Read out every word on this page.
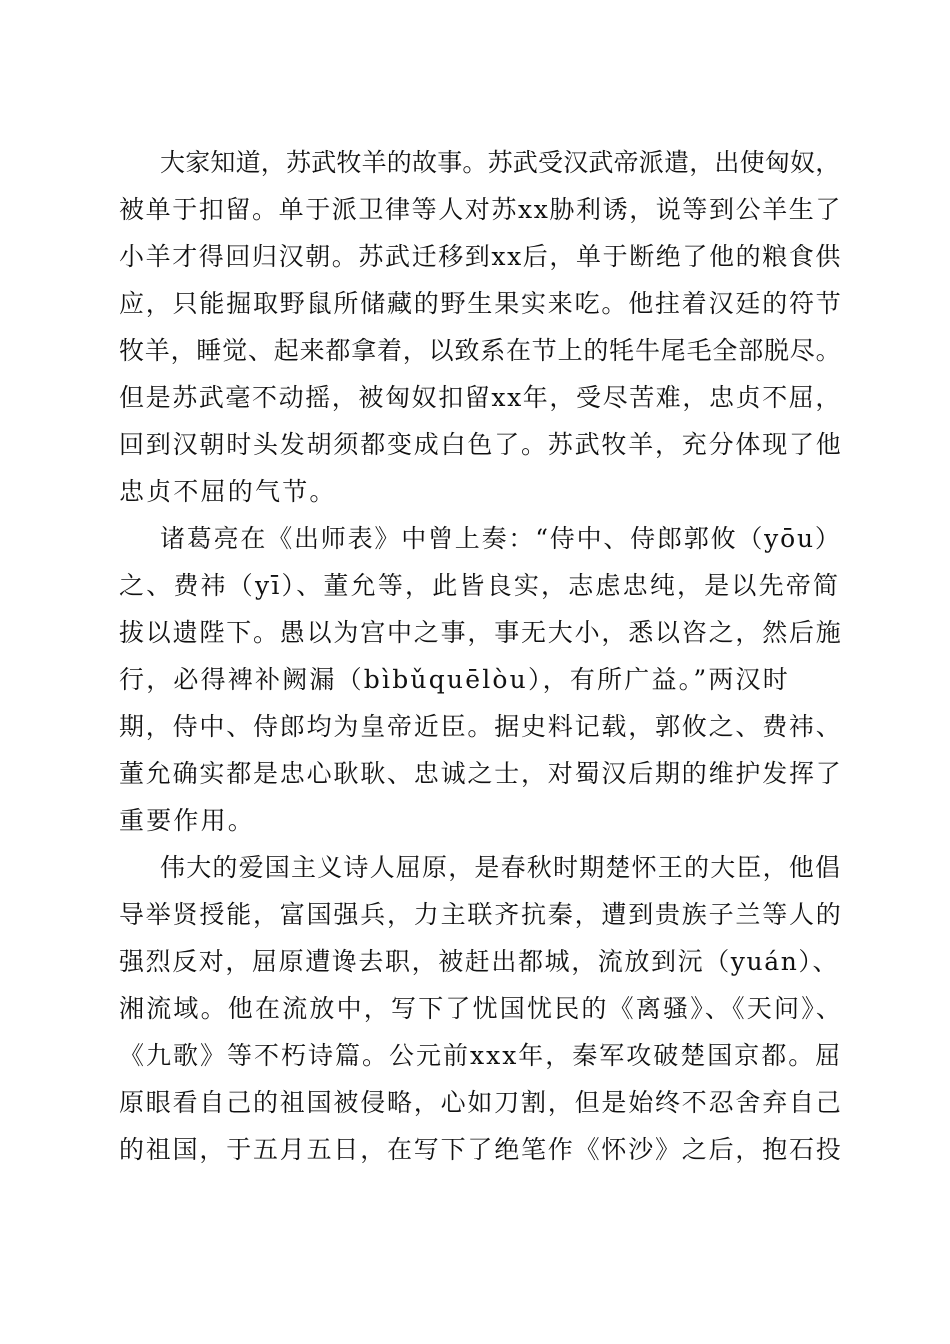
大家知道，苏武牧羊的故事。苏武受汉武帝派遣，出使匈奴，
被单于扣留。单于派卫律等人对苏xx胁利诱，说等到公羊生了
小羊才得回归汉朝。苏武迁移到xx后，单于断绝了他的粮食供
应，只能掘取野鼠所储藏的野生果实来吃。他拄着汉廷的符节
牧羊，睡觉、起来都拿着，以致系在节上的牦牛尾毛全部脱尽。
但是苏武毫不动摇，被匈奴扣留xx年，受尽苦难，忠贞不屈，
回到汉朝时头发胡须都变成白色了。苏武牧羊，充分体现了他
忠贞不屈的气节。
诸葛亮在《出师表》中曾上奏：“侍中、侍郎郭攸（yōu）
之、费祎（yī）、董允等，此皆良实，志虑忠纯，是以先帝简
拔以遗陛下。愚以为宫中之事，事无大小，悉以咨之，然后施
行，必得裨补阙漏（bìbǔquēlòu），有所广益。”两汉时
期，侍中、侍郎均为皇帝近臣。据史料记载，郭攸之、费祎、
董允确实都是忠心耿耿、忠诚之士，对蜀汉后期的维护发挥了
重要作用。
伟大的爱国主义诗人屈原，是春秋时期楚怀王的大臣，他倡
导举贤授能，富国强兵，力主联齐抗秦，遭到贵族子兰等人的
强烈反对，屈原遭谗去职，被赶出都城，流放到沅（yuán）、
湘流域。他在流放中，写下了忧国忧民的《离骚》、《天问》、
《九歌》等不朽诗篇。公元前xxx年，秦军攻破楚国京都。屈
原眼看自己的祖国被侵略，心如刀割，但是始终不忍舍弃自己
的祖国，于五月五日，在写下了绝笔作《怀沙》之后，抱石投
